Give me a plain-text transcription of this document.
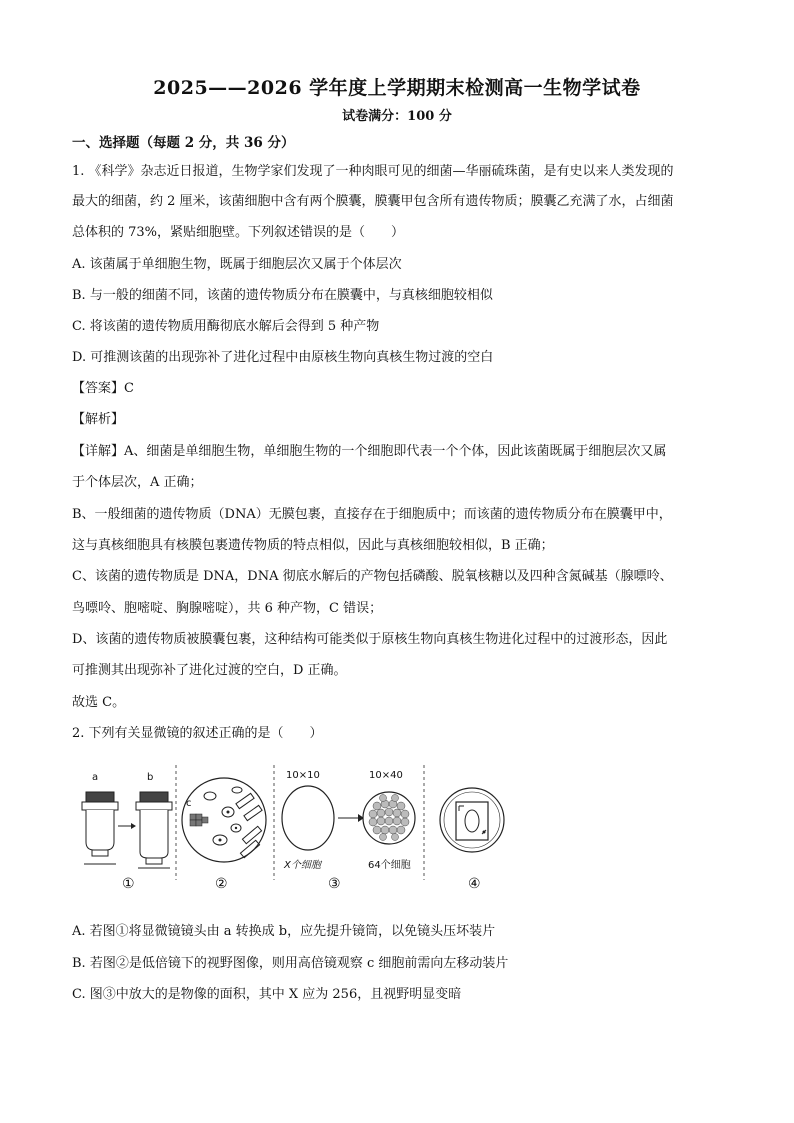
2025——2026 学年度上学期期末检测高一生物学试卷
试卷满分：100 分
一、选择题（每题 2 分，共 36 分）
1. 《科学》杂志近日报道，生物学家们发现了一种肉眼可见的细菌—华丽硫珠菌，是有史以来人类发现的
最大的细菌，约 2 厘米，该菌细胞中含有两个膜囊，膜囊甲包含所有遗传物质；膜囊乙充满了水，占细菌
总体积的 73%，紧贴细胞壁。下列叙述错误的是（　　）
A. 该菌属于单细胞生物，既属于细胞层次又属于个体层次
B. 与一般的细菌不同，该菌的遗传物质分布在膜囊中，与真核细胞较相似
C. 将该菌的遗传物质用酶彻底水解后会得到 5 种产物
D. 可推测该菌的出现弥补了进化过程中由原核生物向真核生物过渡的空白
【答案】C
【解析】
【详解】A、细菌是单细胞生物，单细胞生物的一个细胞即代表一个个体，因此该菌既属于细胞层次又属
于个体层次，A 正确；
B、一般细菌的遗传物质（DNA）无膜包裹，直接存在于细胞质中；而该菌的遗传物质分布在膜囊甲中，
这与真核细胞具有核膜包裹遗传物质的特点相似，因此与真核细胞较相似，B 正确；
C、该菌的遗传物质是 DNA，DNA 彻底水解后的产物包括磷酸、脱氧核糖以及四种含氮碱基（腺嘌呤、
鸟嘌呤、胞嘧啶、胸腺嘧啶），共 6 种产物，C 错误；
D、该菌的遗传物质被膜囊包裹，这种结构可能类似于原核生物向真核生物进化过程中的过渡形态，因此
可推测其出现弥补了进化过渡的空白，D 正确。
故选 C。
2. 下列有关显微镜的叙述正确的是（　　）
a	b
c
10×10	10×40
X个细胞	64个细胞
①	②	③	④
A. 若图①将显微镜镜头由 a 转换成 b，应先提升镜筒，以免镜头压坏装片
B. 若图②是低倍镜下的视野图像，则用高倍镜观察 c 细胞前需向左移动装片
C. 图③中放大的是物像的面积，其中 X 应为 256，且视野明显变暗
